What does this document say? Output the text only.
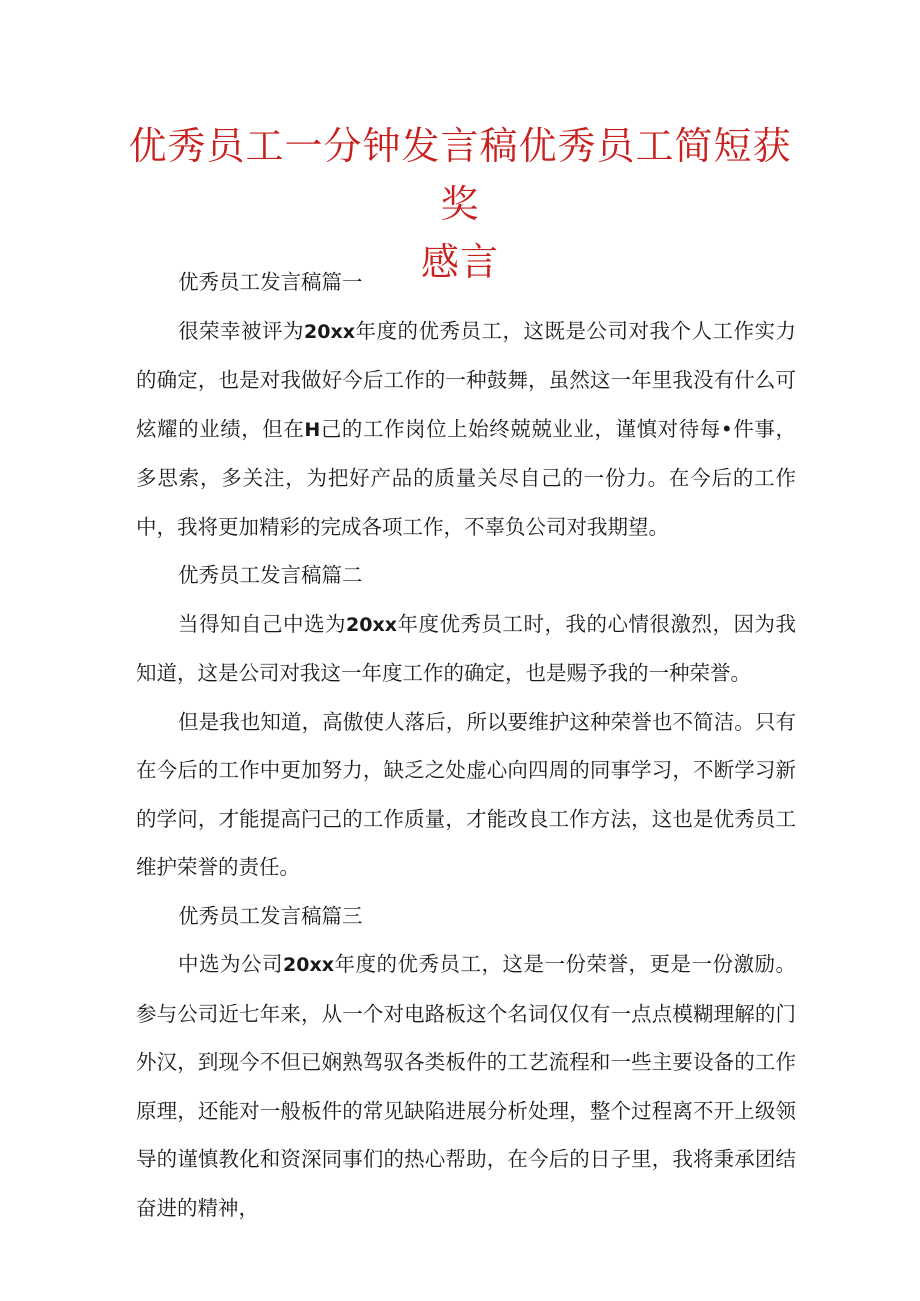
优秀员工一分钟发言稿优秀员工简短获奖
感言

优秀员工发言稿篇一

很荣幸被评为20xx年度的优秀员工，这既是公司对我个人工作实力的确定，也是对我做好今后工作的一种鼓舞，虽然这一年里我没有什么可炫耀的业绩，但在H己的工作岗位上始终兢兢业业，谨慎对待每•件事，多思索，多关注，为把好产品的质量关尽自己的一份力。在今后的工作中，我将更加精彩的完成各项工作，不辜负公司对我期望。

优秀员工发言稿篇二

当得知自己中选为20xx年度优秀员工时，我的心情很激烈，因为我知道，这是公司对我这一年度工作的确定，也是赐予我的一种荣誉。

但是我也知道，高傲使人落后，所以要维护这种荣誉也不简洁。只有在今后的工作中更加努力，缺乏之处虚心向四周的同事学习，不断学习新的学问，才能提高闩己的工作质量，才能改良工作方法，这也是优秀员工维护荣誉的责任。

优秀员工发言稿篇三

中选为公司20xx年度的优秀员工，这是一份荣誉，更是一份激励。参与公司近七年来，从一个对电路板这个名词仅仅有一点点模糊理解的门外汉，到现今不但已娴熟驾驭各类板件的工艺流程和一些主要设备的工作原理，还能对一般板件的常见缺陷进展分析处理，整个过程离不开上级领导的谨慎教化和资深同事们的热心帮助，在今后的日子里，我将秉承团结奋进的精神，
